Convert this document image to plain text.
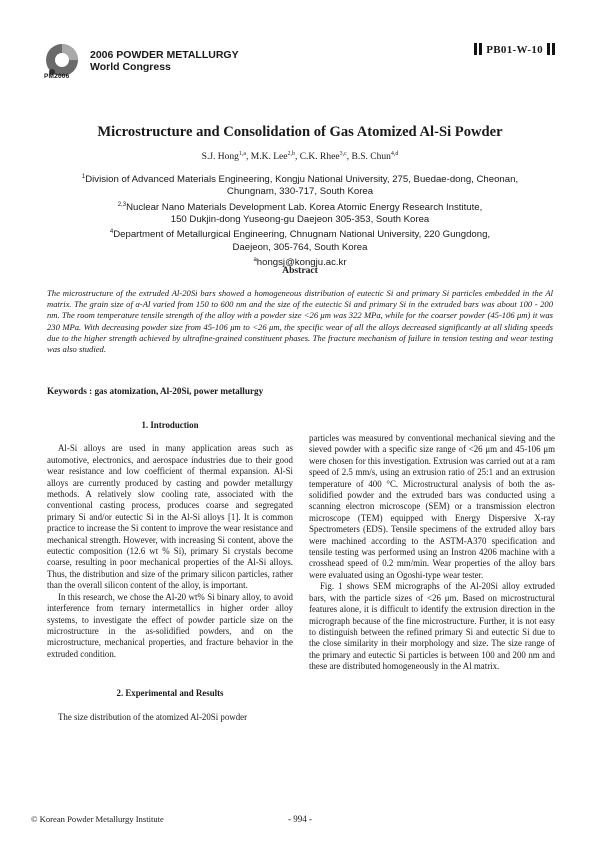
PM2006
2006 POWDER METALLURGY
World Congress
PB01-W-10
Microstructure and Consolidation of Gas Atomized Al-Si Powder
S.J. Hong$^{1,a}$, M.K. Lee$^{2,b}$, C.K. Rhee$^{3,c}$, B.S. Chun$^{4,d}$
$^1$Division of Advanced Materials Engineering, Kongju National University, 275, Buedae-dong, Cheonan,
Chungnam, 330-717, South Korea
$^{2,3}$Nuclear Nano Materials Development Lab. Korea Atomic Energy Research Institute,
150 Dukjin-dong Yuseong-gu Daejeon 305-353, South Korea
$^4$Department of Metallurgical Engineering, Chnugnam National University, 220 Gungdong,
Daejeon, 305-764, South Korea
$^a$hongsj@kongju.ac.kr
Abstract
The microstructure of the extruded Al-20Si bars showed a homogeneous distribution of eutectic Si and primary Si particles embedded in the Al matrix. The grain size of α-Al varied from 150 to 600 nm and the size of the eutectic Si and primary Si in the extruded bars was about 100 - 200 nm. The room temperature tensile strength of the alloy with a powder size <26 μm was 322 MPa, while for the coarser powder (45-106 μm) it was 230 MPa. With decreasing powder size from 45-106 μm to <26 μm, the specific wear of all the alloys decreased significantly at all sliding speeds due to the higher strength achieved by ultrafine-grained constituent phases. The fracture mechanism of failure in tension testing and wear testing was also studied.
Keywords : gas atomization, Al-20Si, power metallurgy
1. Introduction

Al-Si alloys are used in many application areas such as automotive, electronics, and aerospace industries due to their good wear resistance and low coefficient of thermal expansion. Al-Si alloys are currently produced by casting and powder metallurgy methods. A relatively slow cooling rate, associated with the conventional casting process, produces coarse and segregated primary Si and/or eutectic Si in the Al-Si alloys [1]. It is common practice to increase the Si content to improve the wear resistance and mechanical strength. However, with increasing Si content, above the eutectic composition (12.6 wt % Si), primary Si crystals become coarse, resulting in poor mechanical properties of the Al-Si alloys. Thus, the distribution and size of the primary silicon particles, rather than the overall silicon content of the alloy, is important.

In this research, we chose the Al-20 wt% Si binary alloy, to avoid interference from ternary intermetallics in higher order alloy systems, to investigate the effect of powder particle size on the microstructure in the as-solidified powders, and on the microstructure, mechanical properties, and fracture behavior in the extruded condition.

2. Experimental and Results

The size distribution of the atomized Al-20Si powder

particles was measured by conventional mechanical sieving and the sieved powder with a specific size range of <26 μm and 45-106 μm were chosen for this investigation. Extrusion was carried out at a ram speed of 2.5 mm/s, using an extrusion ratio of 25:1 and an extrusion temperature of 400 °C. Microstructural analysis of both the as-solidified powder and the extruded bars was conducted using a scanning electron microscope (SEM) or a transmission electron microscope (TEM) equipped with Energy Dispersive X-ray Spectrometers (EDS). Tensile specimens of the extruded alloy bars were machined according to the ASTM-A370 specification and tensile testing was performed using an Instron 4206 machine with a crosshead speed of 0.2 mm/min. Wear properties of the alloy bars were evaluated using an Ogoshi-type wear tester.

Fig. 1 shows SEM micrographs of the Al-20Si alloy extruded bars, with the particle sizes of <26 μm. Based on microstructural features alone, it is difficult to identify the extrusion direction in the micrograph because of the fine microstructure. Further, it is not easy to distinguish between the refined primary Si and eutectic Si due to the close similarity in their morphology and size. The size range of the primary and eutectic Si particles is between 100 and 200 nm and these are distributed homogeneously in the Al matrix.

© Korean Powder Metallurgy Institute	- 994 -
